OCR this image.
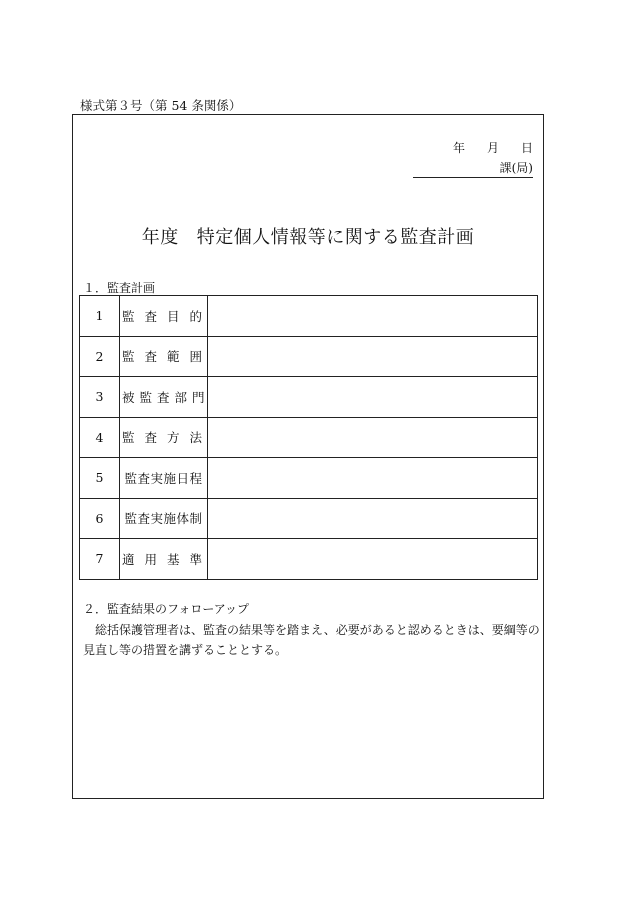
様式第３号（第 54 条関係）
年 月 日
課(局)
年度 特定個人情報等に関する監査計画
１．監査計画
1	監 査 目 的	
2	監 査 範 囲	
3	被 監 査 部 門	
4	監 査 方 法	
5	監査実施日程	
6	監査実施体制	
7	適 用 基 準	
２．監査結果のフォローアップ
総括保護管理者は、監査の結果等を踏まえ、必要があると認めるときは、要綱等の見直し等の措置を講ずることとする。
